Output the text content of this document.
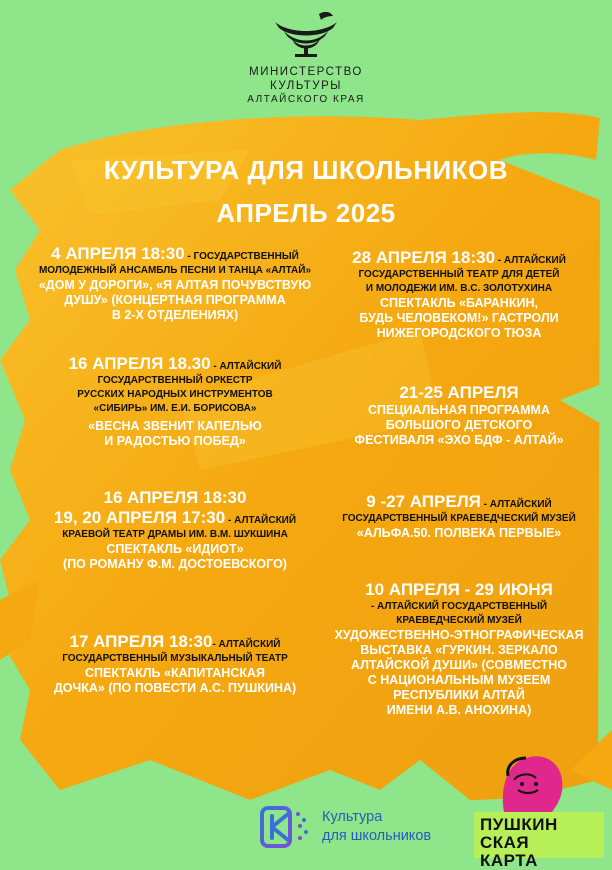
МИНИСТЕРСТВО
КУЛЬТУРЫ
АЛТАЙСКОГО КРАЯ
КУЛЬТУРА ДЛЯ ШКОЛЬНИКОВ
АПРЕЛЬ 2025
4 АПРЕЛЯ 18:30 - ГОСУДАРСТВЕННЫЙ
МОЛОДЕЖНЫЙ АНСАМБЛЬ ПЕСНИ И ТАНЦА «АЛТАЙ»
«ДОМ У ДОРОГИ», «Я АЛТАЯ ПОЧУВСТВУЮ
ДУШУ» (КОНЦЕРТНАЯ ПРОГРАММА
В 2-Х ОТДЕЛЕНИЯХ)
16 АПРЕЛЯ 18.30 - АЛТАЙСКИЙ
ГОСУДАРСТВЕННЫЙ ОРКЕСТР
РУССКИХ НАРОДНЫХ ИНСТРУМЕНТОВ
«СИБИРЬ» ИМ. Е.И. БОРИСОВА»
«ВЕСНА ЗВЕНИТ КАПЕЛЬЮ
И РАДОСТЬЮ ПОБЕД»
16 АПРЕЛЯ 18:30
19, 20 АПРЕЛЯ 17:30 - АЛТАЙСКИЙ
КРАЕВОЙ ТЕАТР ДРАМЫ ИМ. В.М. ШУКШИНА
СПЕКТАКЛЬ «ИДИОТ»
(ПО РОМАНУ Ф.М. ДОСТОЕВСКОГО)
17 АПРЕЛЯ 18:30- АЛТАЙСКИЙ
ГОСУДАРСТВЕННЫЙ МУЗЫКАЛЬНЫЙ ТЕАТР
СПЕКТАКЛЬ «КАПИТАНСКАЯ
ДОЧКА» (ПО ПОВЕСТИ А.С. ПУШКИНА)
28 АПРЕЛЯ 18:30 - АЛТАЙСКИЙ
ГОСУДАРСТВЕННЫЙ ТЕАТР ДЛЯ ДЕТЕЙ
И МОЛОДЕЖИ ИМ. В.С. ЗОЛОТУХИНА
СПЕКТАКЛЬ «БАРАНКИН,
БУДЬ ЧЕЛОВЕКОМ!» ГАСТРОЛИ
НИЖЕГОРОДСКОГО ТЮЗА
21-25 АПРЕЛЯ
СПЕЦИАЛЬНАЯ ПРОГРАММА
БОЛЬШОГО ДЕТСКОГО
ФЕСТИВАЛЯ «ЭХО БДФ - АЛТАЙ»
9 -27 АПРЕЛЯ - АЛТАЙСКИЙ
ГОСУДАРСТВЕННЫЙ КРАЕВЕДЧЕСКИЙ МУЗЕЙ
«АЛЬФА.50. ПОЛВЕКА ПЕРВЫЕ»
10 АПРЕЛЯ - 29 ИЮНЯ
- АЛТАЙСКИЙ ГОСУДАРСТВЕННЫЙ
КРАЕВЕДЧЕСКИЙ МУЗЕЙ
ХУДОЖЕСТВЕННО-ЭТНОГРАФИЧЕСКАЯ
ВЫСТАВКА «ГУРКИН. ЗЕРКАЛО
АЛТАЙСКОЙ ДУШИ» (СОВМЕСТНО
С НАЦИОНАЛЬНЫМ МУЗЕЕМ
РЕСПУБЛИКИ АЛТАЙ
ИМЕНИ А.В. АНОХИНА)
Культура
для школьников
ПУШКИН
СКАЯ
КАРТА
